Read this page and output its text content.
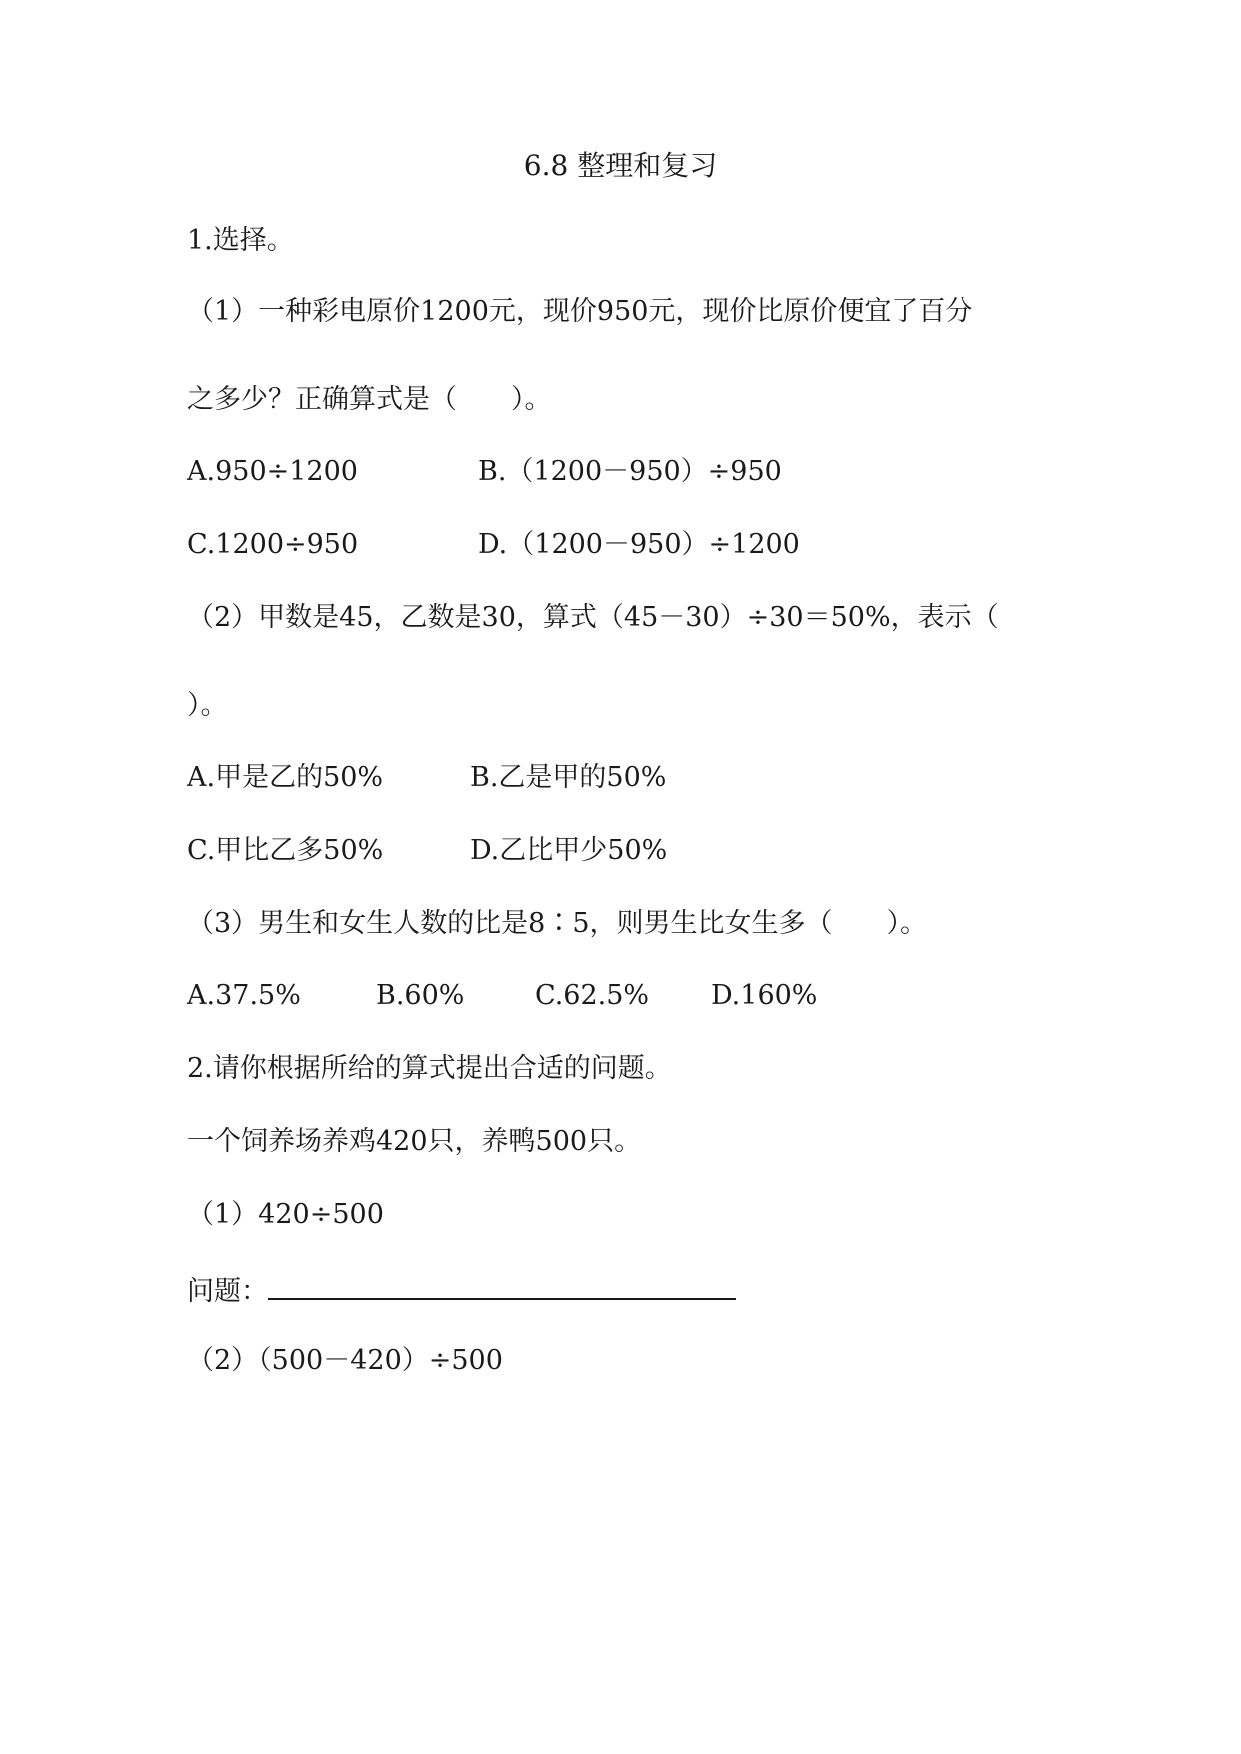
6.8 整理和复习
1.选择。
（1）一种彩电原价1200元，现价950元，现价比原价便宜了百分
之多少？正确算式是（　　）。
A.950÷1200	B.（1200－950）÷950
C.1200÷950	D.（1200－950）÷1200
（2）甲数是45，乙数是30，算式（45－30）÷30＝50%，表示（
）。
A.甲是乙的50%	B.乙是甲的50%
C.甲比乙多50%	D.乙比甲少50%
（3）男生和女生人数的比是8∶5，则男生比女生多（　　）。
A.37.5%	B.60%	C.62.5% D.160%
2.请你根据所给的算式提出合适的问题。
一个饲养场养鸡420只，养鸭500只。
（1）420÷500
问题：
（2）（500－420）÷500
